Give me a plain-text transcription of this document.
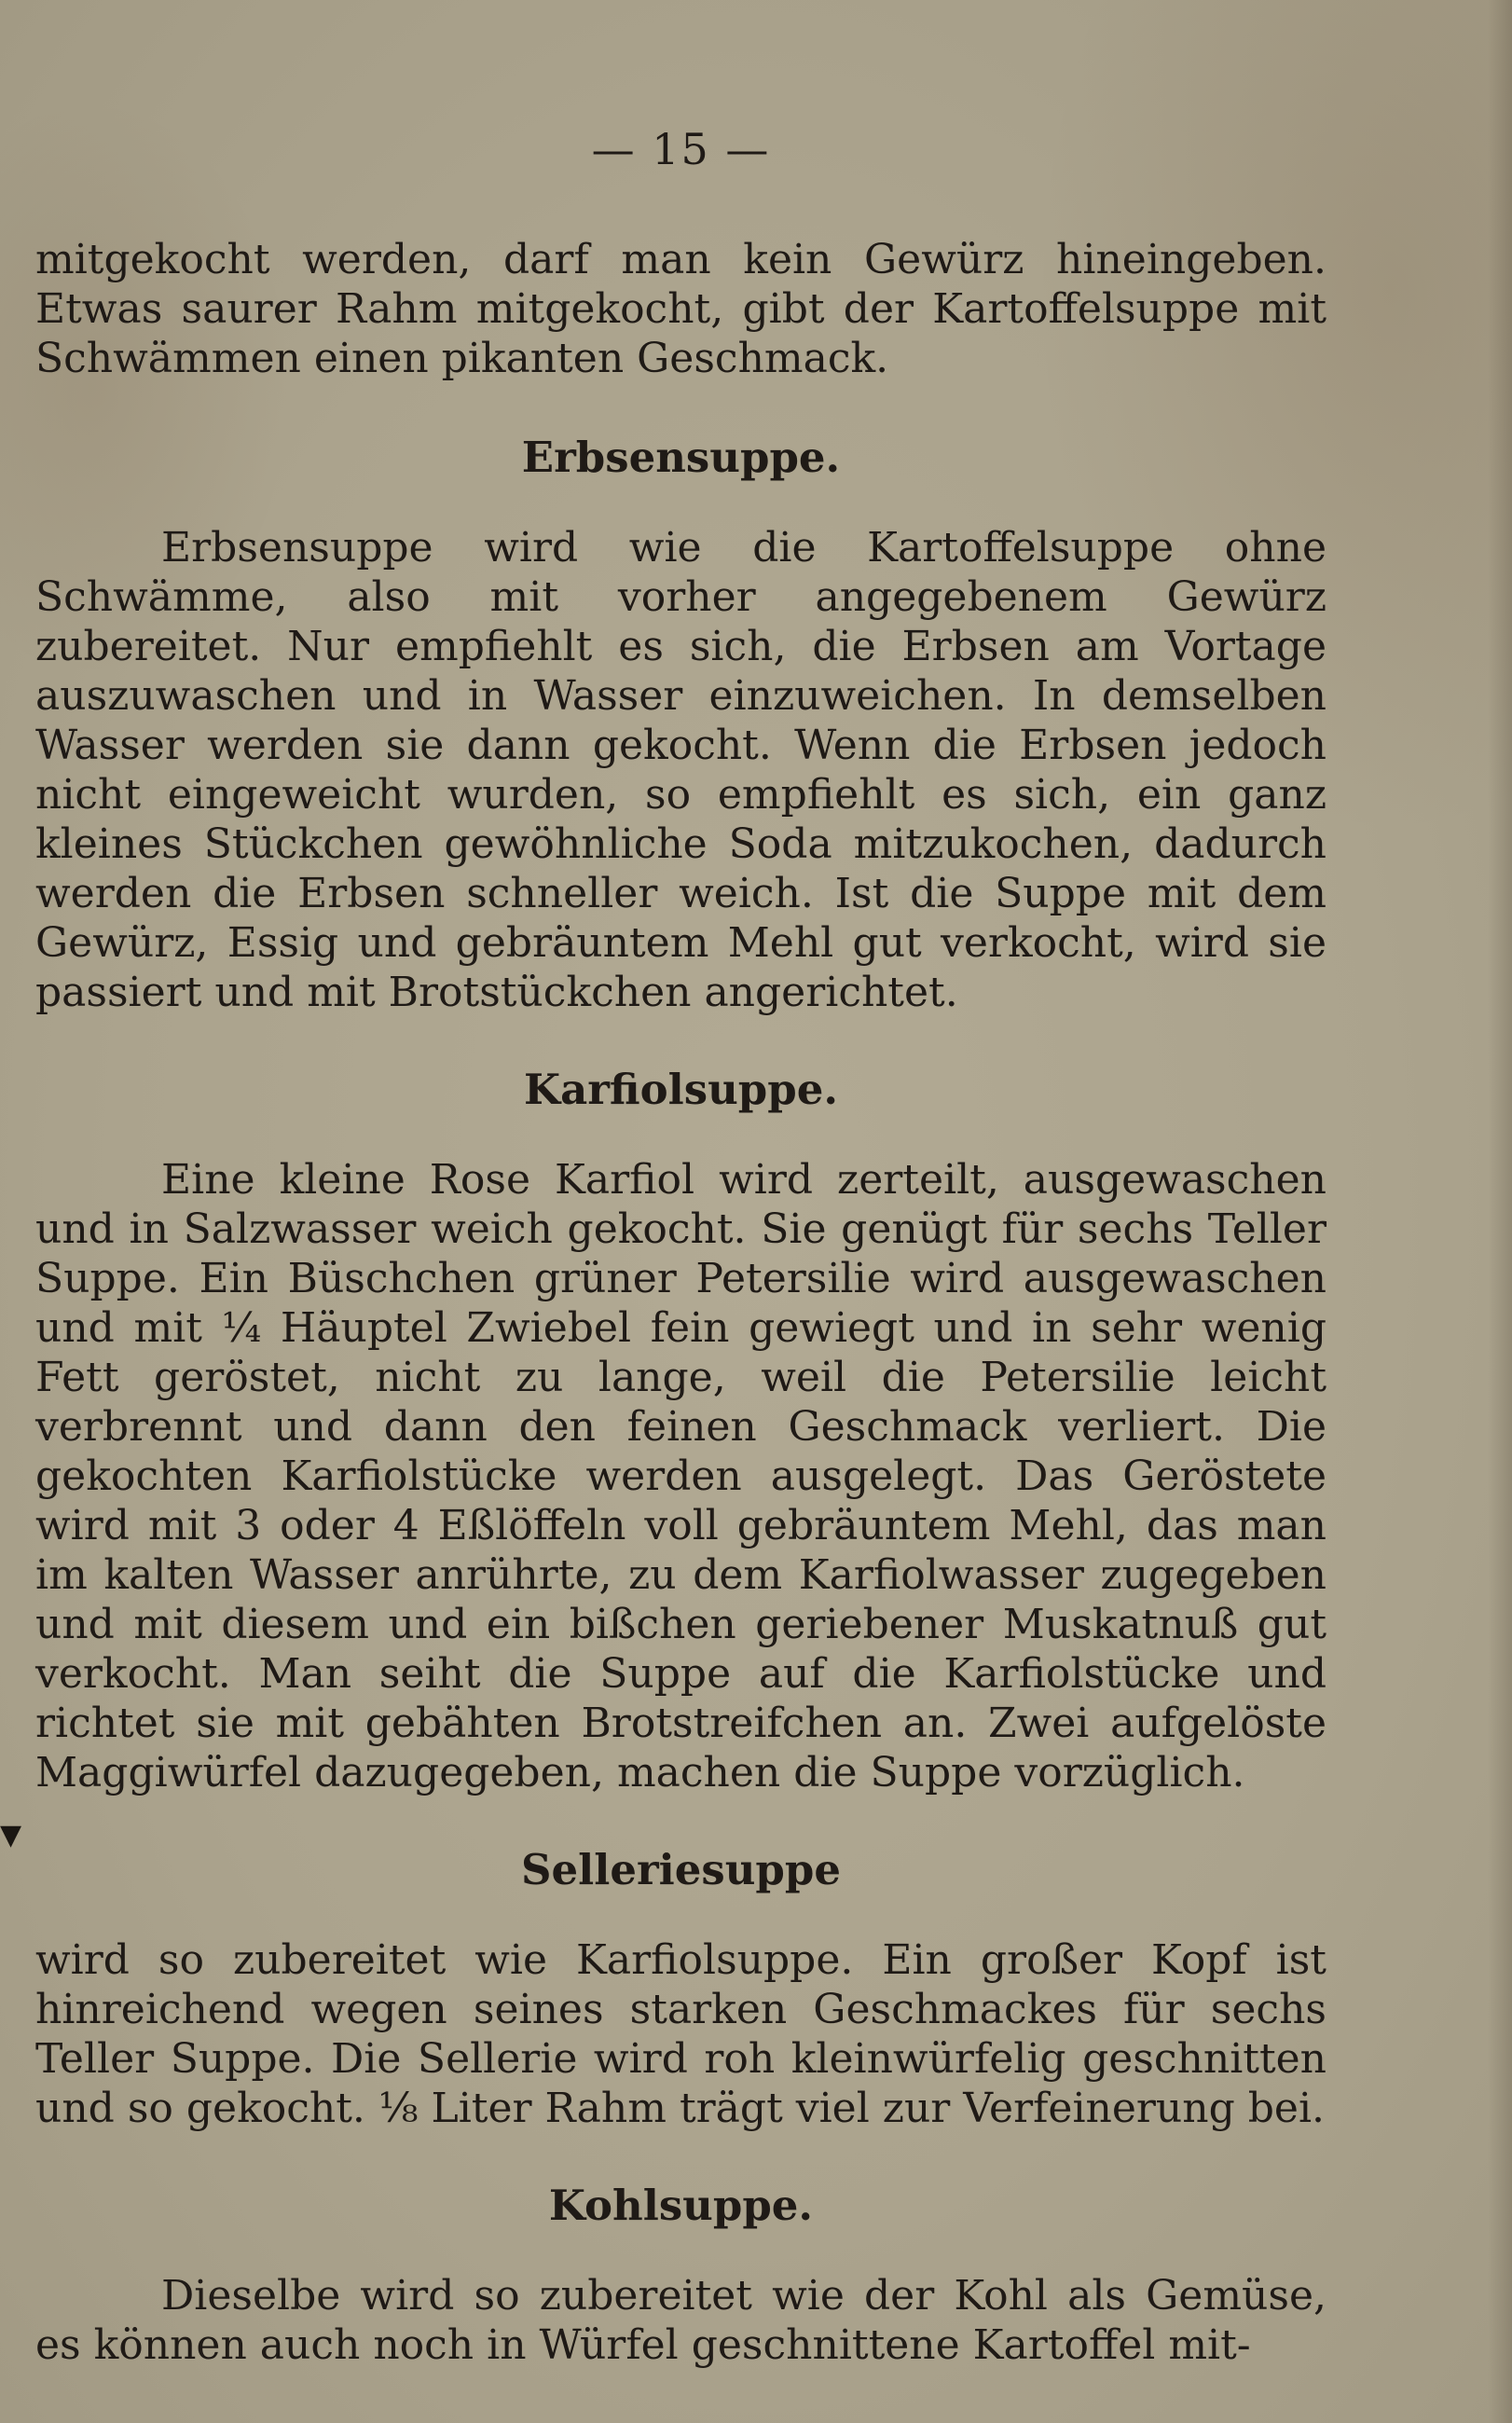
▼
— 15 —

mitgekocht werden, darf man kein Gewürz hineingeben. Etwas saurer Rahm mitgekocht, gibt der Kartoffelsuppe mit Schwämmen einen pikanten Geschmack.

Erbsensuppe.

Erbsensuppe wird wie die Kartoffelsuppe ohne Schwämme, also mit vorher angegebenem Gewürz zubereitet. Nur empfiehlt es sich, die Erbsen am Vortage auszuwaschen und in Wasser einzuweichen. In demselben Wasser werden sie dann gekocht. Wenn die Erbsen jedoch nicht eingeweicht wurden, so empfiehlt es sich, ein ganz kleines Stückchen gewöhnliche Soda mitzukochen, dadurch werden die Erbsen schneller weich. Ist die Suppe mit dem Gewürz, Essig und gebräuntem Mehl gut verkocht, wird sie passiert und mit Brotstückchen angerichtet.

Karfiolsuppe.

Eine kleine Rose Karfiol wird zerteilt, ausgewaschen und in Salzwasser weich gekocht. Sie genügt für sechs Teller Suppe. Ein Büschchen grüner Petersilie wird ausgewaschen und mit ¼ Häuptel Zwiebel fein gewiegt und in sehr wenig Fett geröstet, nicht zu lange, weil die Petersilie leicht verbrennt und dann den feinen Geschmack verliert. Die gekochten Karfiolstücke werden ausgelegt. Das Geröstete wird mit 3 oder 4 Eßlöffeln voll gebräuntem Mehl, das man im kalten Wasser anrührte, zu dem Karfiolwasser zugegeben und mit diesem und ein bißchen geriebener Muskatnuß gut verkocht. Man seiht die Suppe auf die Karfiolstücke und richtet sie mit gebähten Brotstreifchen an. Zwei aufgelöste Maggiwürfel dazugegeben, machen die Suppe vorzüglich.

Selleriesuppe

wird so zubereitet wie Karfiolsuppe. Ein großer Kopf ist hinreichend wegen seines starken Geschmackes für sechs Teller Suppe. Die Sellerie wird roh kleinwürfelig geschnitten und so gekocht. ⅛ Liter Rahm trägt viel zur Verfeinerung bei.

Kohlsuppe.

Dieselbe wird so zubereitet wie der Kohl als Gemüse, es können auch noch in Würfel geschnittene Kartoffel mit-
